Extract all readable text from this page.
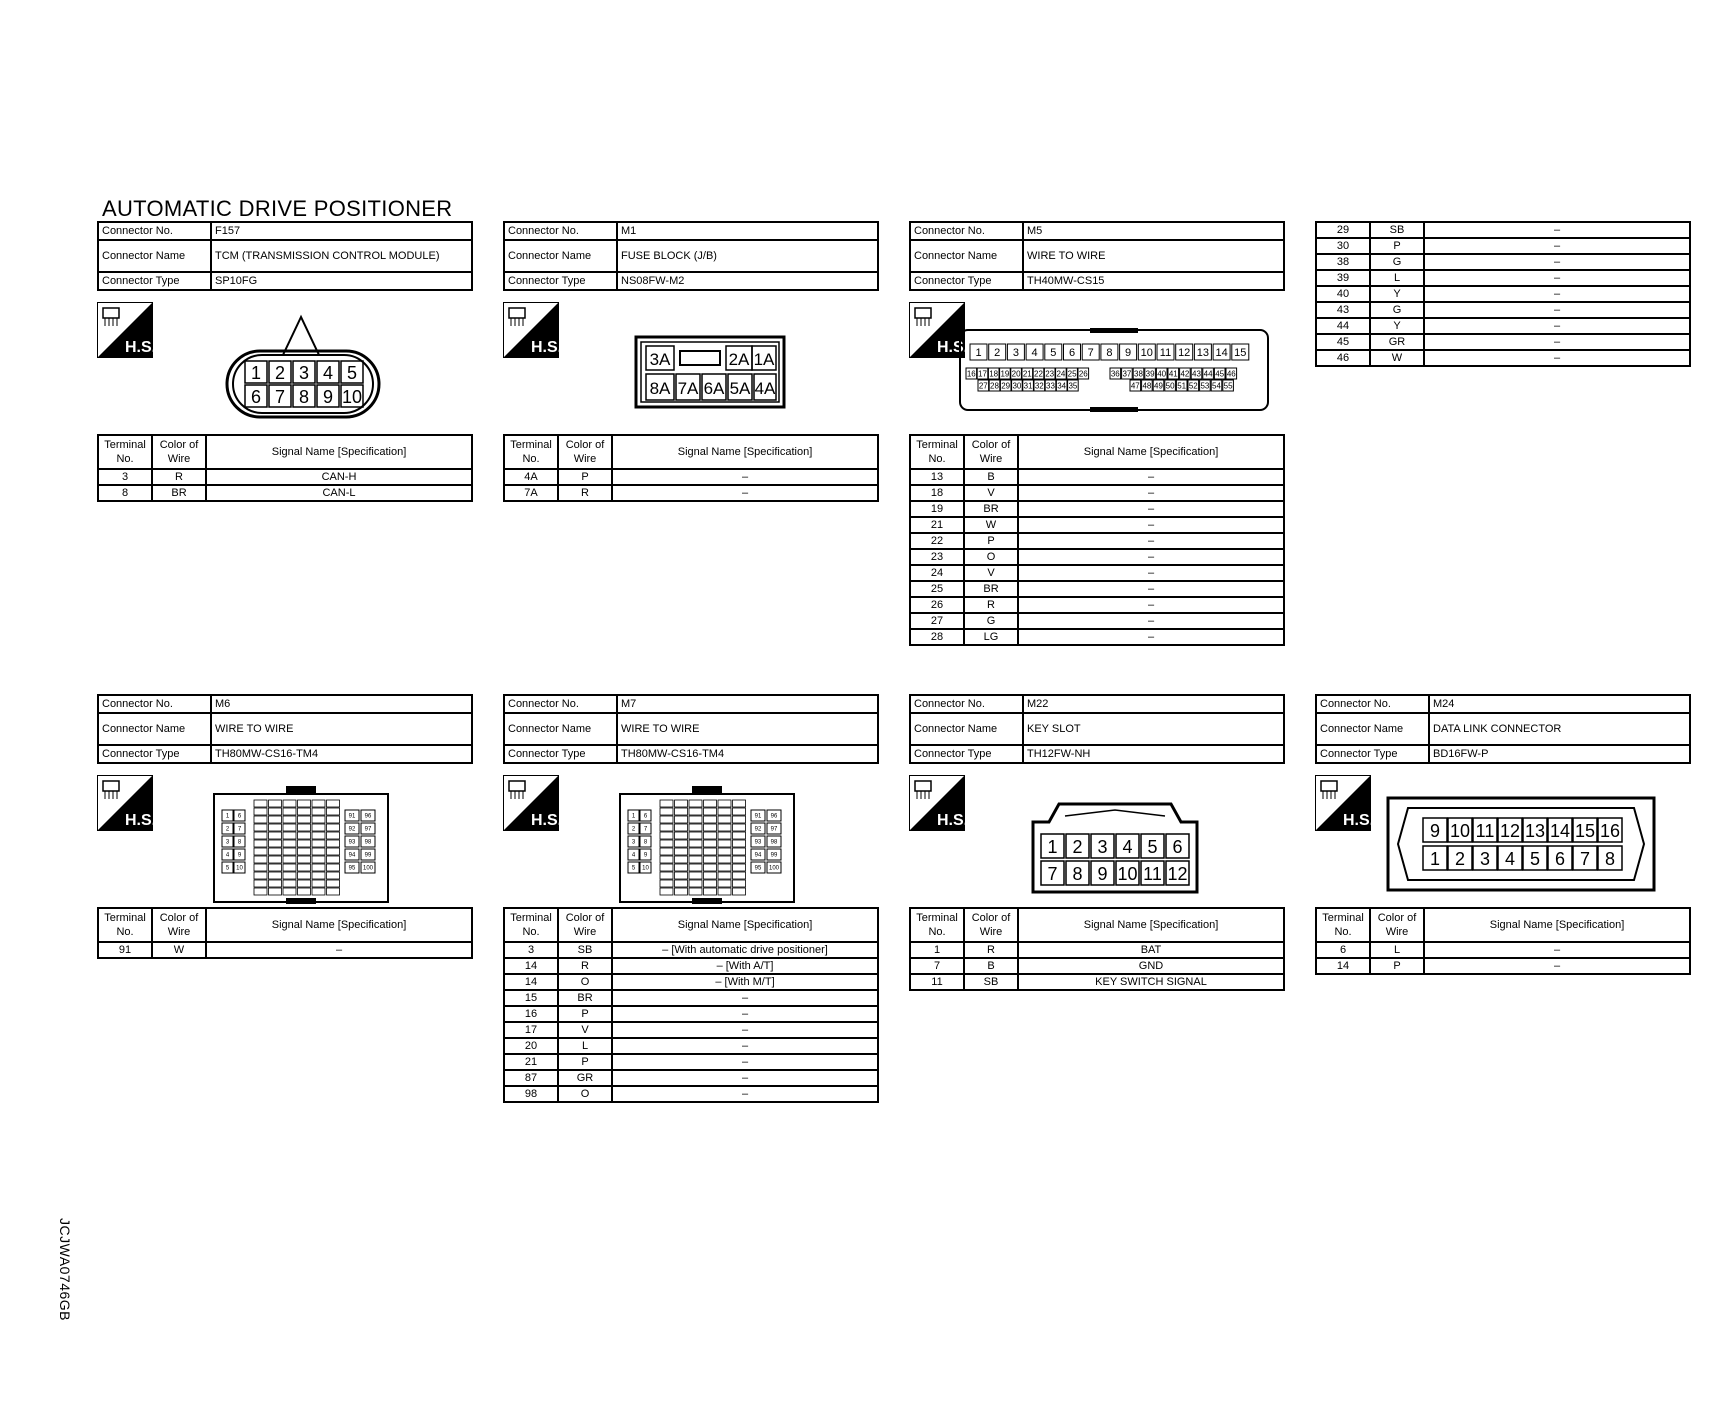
AUTOMATIC DRIVE POSITIONER
JCJWA0746GB
Connector No.	F157
Connector Name	TCM (TRANSMISSION CONTROL MODULE)
Connector Type	SP10FG
H.S.
1 2 3 4 5
6 7 8 9 10
Terminal No.	Color of Wire	Signal Name [Specification]
3	R	CAN-H
8	BR	CAN-L
Connector No.	M1
Connector Name	FUSE BLOCK (J/B)
Connector Type	NS08FW-M2
H.S.
3A	2A 1A
8A 7A 6A 5A 4A
Terminal No.	Color of Wire	Signal Name [Specification]
4A	P	–
7A	R	–
Connector No.	M5
Connector Name	WIRE TO WIRE
Connector Type	TH40MW-CS15
H.S. 1 2 3 4 5 6 7 8 9 10 11 12 13 14 15
16 17 18 19 20 21 22 23 24 25 26	36 37 38 39 40 41 42 43 44 45 46
27 28 29 30 31 32 33 34 35	47 48 49 50 51 52 53 54 55
Terminal No.	Color of Wire	Signal Name [Specification]
13	B	–
18	V	–
19	BR	–
21	W	–
22	P	–
23	O	–
24	V	–
25	BR	–
26	R	–
27	G	–
28	LG	–
29	SB	–
30	P	–
38	G	–
39	L	–
40	Y	–
43	G	–
44	Y	–
45	GR	–
46	W	–
Connector No.	M6
Connector Name	WIRE TO WIRE
Connector Type	TH80MW-CS16-TM4
H.S.	1 6
2 7
3 8
4 9
5 10
91 96
92 97
93 98
94 99
95 100
Terminal No.	Color of Wire	Signal Name [Specification]
91	W	–
Connector No.	M7
Connector Name	WIRE TO WIRE
Connector Type	TH80MW-CS16-TM4
H.S.	1 6
2 7
3 8
4 9
5 10
91 96
92 97
93 98
94 99
95 100
Terminal No.	Color of Wire	Signal Name [Specification]
3	SB	– [With automatic drive positioner]
14	R	– [With A/T]
14	O	– [With M/T]
15	BR	–
16	P	–
17	V	–
20	L	–
21	P	–
87	GR	–
98	O	–
Connector No.	M22
Connector Name	KEY SLOT
Connector Type	TH12FW-NH
H.S.
1 2 3 4 5 6
7 8 9 10 11 12
Terminal No.	Color of Wire	Signal Name [Specification]
1	R	BAT
7	B	GND
11	SB	KEY SWITCH SIGNAL
Connector No.	M24
Connector Name	DATA LINK CONNECTOR
Connector Type	BD16FW-P
H.S.
9 10 11 12 13 14 15 16
1 2 3 4 5 6 7 8
Terminal No.	Color of Wire	Signal Name [Specification]
6	L	–
14	P	–
